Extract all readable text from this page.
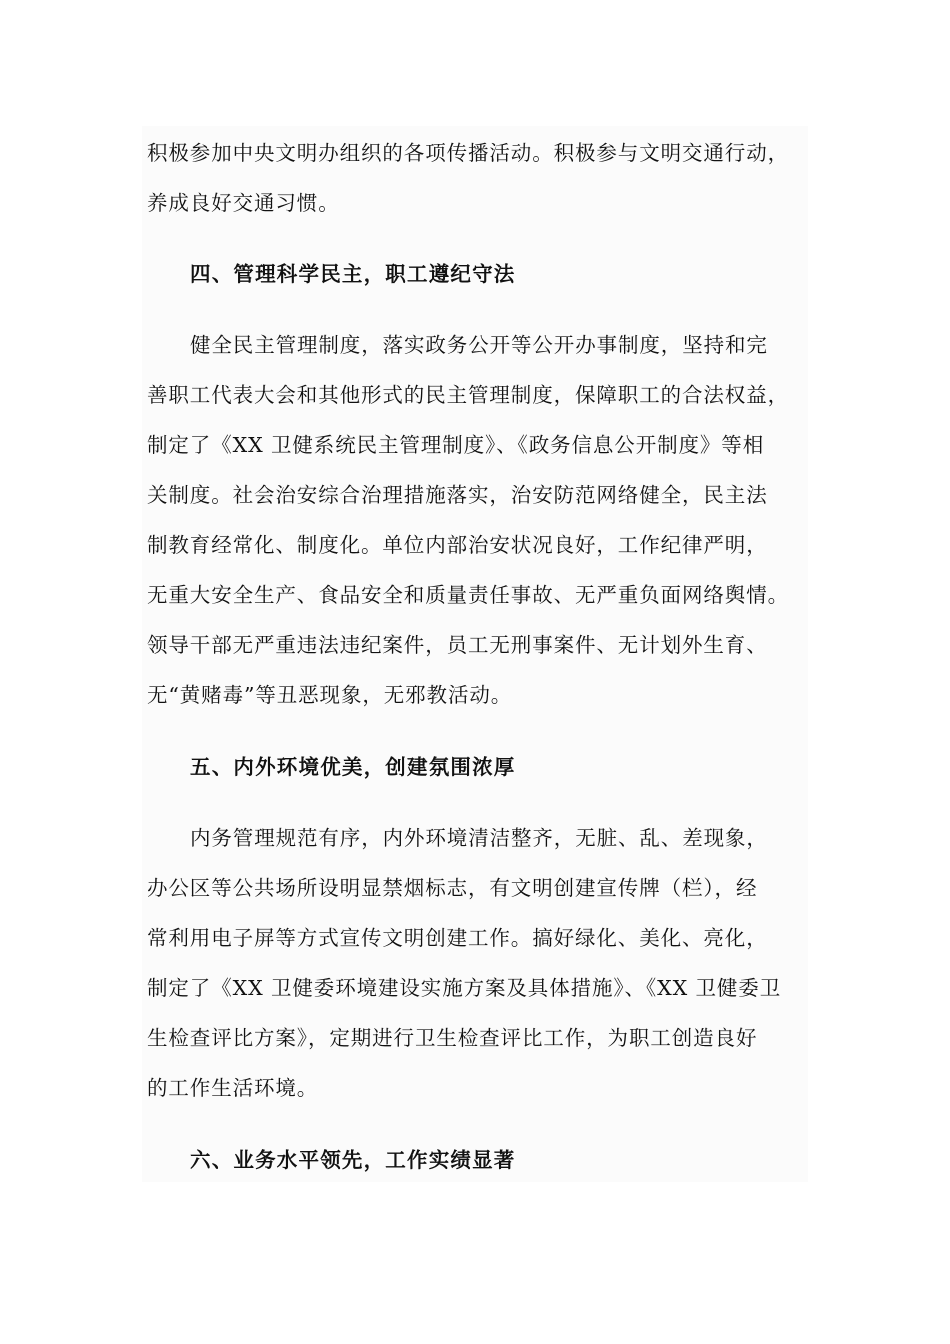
积极参加中央文明办组织的各项传播活动。积极参与文明交通行动，
养成良好交通习惯。
四、管理科学民主，职工遵纪守法
健全民主管理制度，落实政务公开等公开办事制度，坚持和完
善职工代表大会和其他形式的民主管理制度，保障职工的合法权益，
制定了《XX 卫健系统民主管理制度》、《政务信息公开制度》等相
关制度。社会治安综合治理措施落实，治安防范网络健全，民主法
制教育经常化、制度化。单位内部治安状况良好，工作纪律严明，
无重大安全生产、食品安全和质量责任事故、无严重负面网络舆情。
领导干部无严重违法违纪案件，员工无刑事案件、无计划外生育、
无“黄赌毒”等丑恶现象，无邪教活动。
五、内外环境优美，创建氛围浓厚
内务管理规范有序，内外环境清洁整齐，无脏、乱、差现象，
办公区等公共场所设明显禁烟标志，有文明创建宣传牌（栏），经
常利用电子屏等方式宣传文明创建工作。搞好绿化、美化、亮化，
制定了《XX 卫健委环境建设实施方案及具体措施》、《XX 卫健委卫
生检查评比方案》，定期进行卫生检查评比工作，为职工创造良好
的工作生活环境。
六、业务水平领先，工作实绩显著
